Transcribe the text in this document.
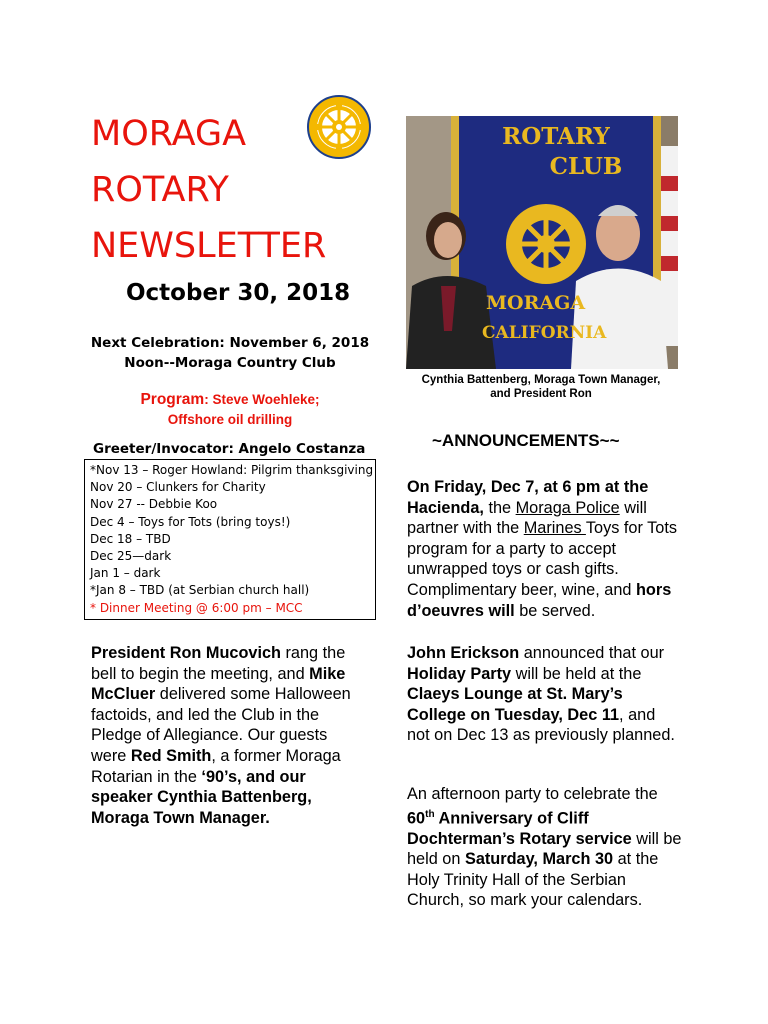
MORAGA
ROTARY
NEWSLETTER
October 30, 2018
Next Celebration: November 6, 2018
Noon--Moraga Country Club
Program: Steve Woehleke;
Offshore oil drilling
Greeter/Invocator: Angelo Costanza
*Nov 13 – Roger Howland: Pilgrim thanksgiving
Nov 20 – Clunkers for Charity
Nov 27 -- Debbie Koo
Dec 4 – Toys for Tots (bring toys!)
Dec 18 – TBD
Dec 25—dark
Jan 1 – dark
*Jan 8 – TBD (at Serbian church hall)
* Dinner Meeting @ 6:00 pm – MCC

President Ron Mucovich rang the bell to begin the meeting, and Mike McCluer delivered some Halloween factoids, and led the Club in the Pledge of Allegiance. Our guests were Red Smith, a former Moraga Rotarian in the ‘90’s, and our speaker Cynthia Battenberg, Moraga Town Manager.

ROTARY
CLUB
MORAGA
CALIFORNIA
Cynthia Battenberg, Moraga Town Manager,
and President Ron
~ANNOUNCEMENTS~~

On Friday, Dec 7, at 6 pm at the Hacienda, the Moraga Police will partner with the Marines Toys for Tots program for a party to accept unwrapped toys or cash gifts. Complimentary beer, wine, and hors d’oeuvres will be served.

John Erickson announced that our Holiday Party will be held at the Claeys Lounge at St. Mary’s College on Tuesday, Dec 11, and not on Dec 13 as previously planned.

An afternoon party to celebrate the 60th Anniversary of Cliff Dochterman’s Rotary service will be held on Saturday, March 30 at the Holy Trinity Hall of the Serbian Church, so mark your calendars.
